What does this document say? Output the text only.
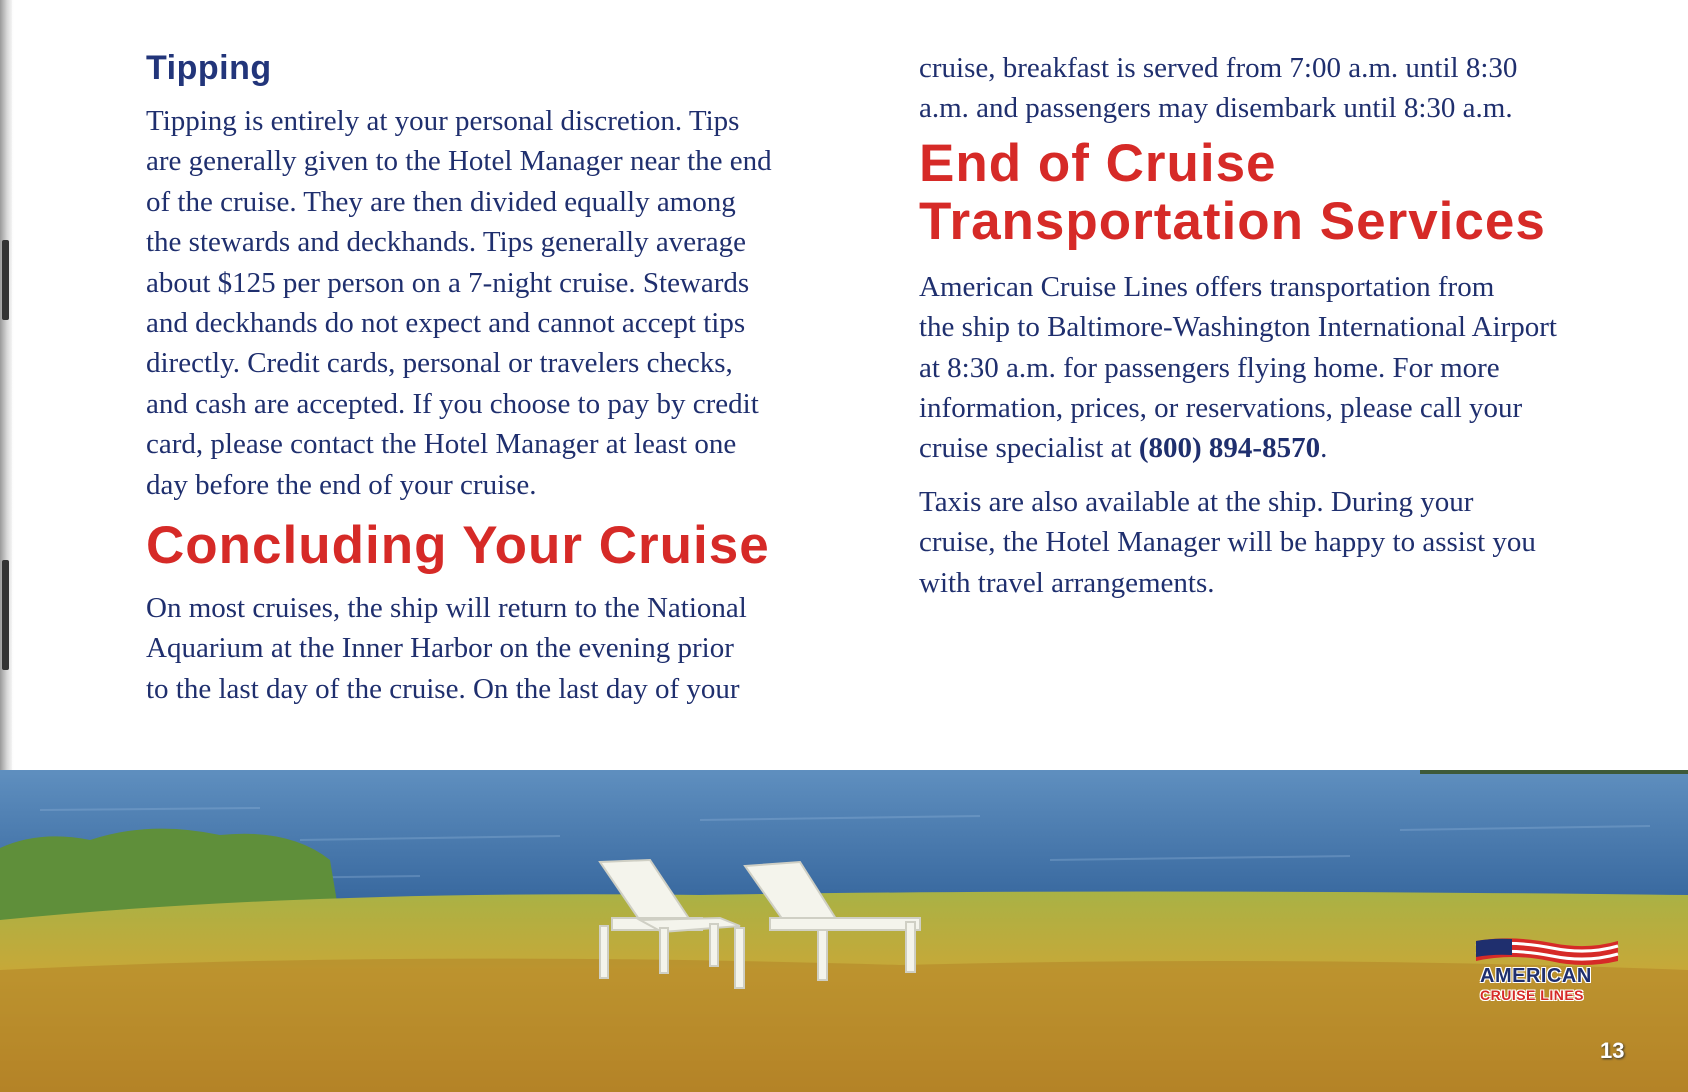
Tipping

Tipping is entirely at your personal discretion. Tips
are generally given to the Hotel Manager near the end
of the cruise. They are then divided equally among
the stewards and deckhands. Tips generally average
about $125 per person on a 7-night cruise. Stewards
and deckhands do not expect and cannot accept tips
directly. Credit cards, personal or travelers checks,
and cash are accepted. If you choose to pay by credit
card, please contact the Hotel Manager at least one
day before the end of your cruise.

Concluding Your Cruise

On most cruises, the ship will return to the National
Aquarium at the Inner Harbor on the evening prior
to the last day of the cruise. On the last day of your

cruise, breakfast is served from 7:00 a.m. until 8:30
a.m. and passengers may disembark until 8:30 a.m.

End of Cruise
Transportation Services

American Cruise Lines offers transportation from
the ship to Baltimore-Washington International Airport
at 8:30 a.m. for passengers flying home. For more
information, prices, or reservations, please call your
cruise specialist at (800) 894-8570.

Taxis are also available at the ship. During your
cruise, the Hotel Manager will be happy to assist you
with travel arrangements.

AMERICAN
CRUISE LINES
13
